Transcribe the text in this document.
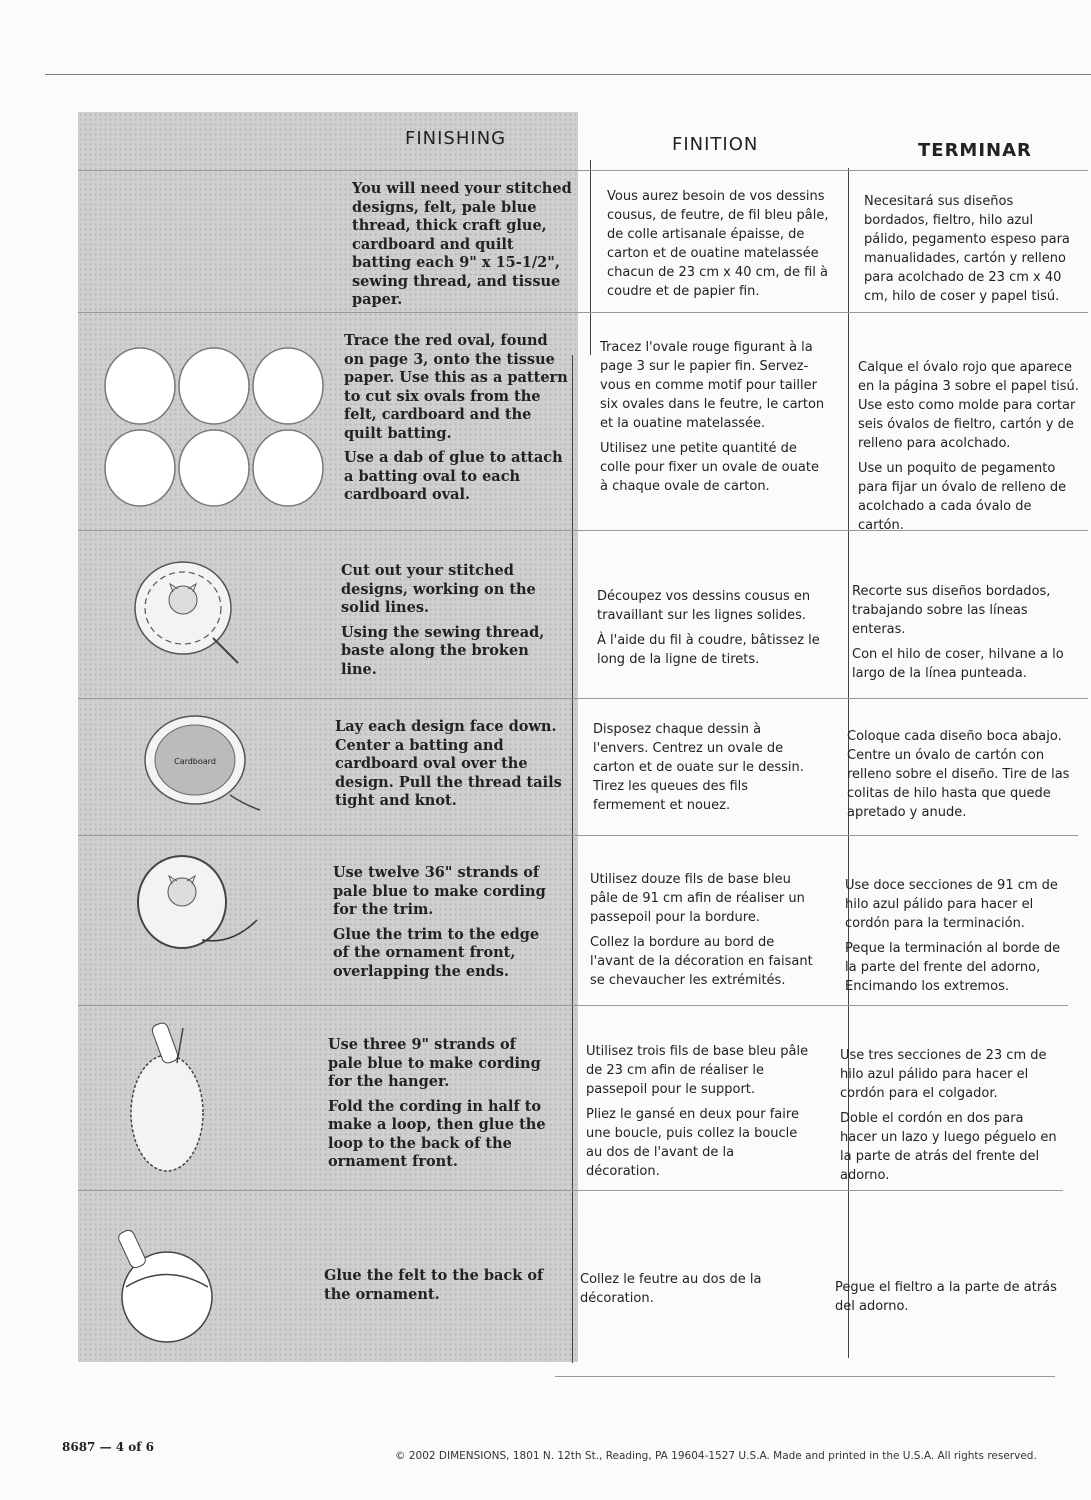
FINISHING	FINITION	TERMINAR

You will need your stitched designs, felt, pale blue thread, thick craft glue, cardboard and quilt batting each 9" x 15-1/2", sewing thread, and tissue paper.

Vous aurez besoin de vos dessins cousus, de feutre, de fil bleu pâle, de colle artisanale épaisse, de carton et de ouatine matelassée chacun de 23 cm x 40 cm, de fil à coudre et de papier fin.

Necesitará sus diseños bordados, fieltro, hilo azul pálido, pegamento espeso para manualidades, cartón y relleno para acolchado de 23 cm x 40 cm, hilo de coser y papel tisú.

Trace the red oval, found on page 3, onto the tissue paper. Use this as a pattern to cut six ovals from the felt, cardboard and the quilt batting.

Use a dab of glue to attach a batting oval to each cardboard oval.

Tracez l'ovale rouge figurant à la page 3 sur le papier fin. Servez-vous en comme motif pour tailler six ovales dans le feutre, le carton et la ouatine matelassée.

Utilisez une petite quantité de colle pour fixer un ovale de ouate à chaque ovale de carton.

Calque el óvalo rojo que aparece en la página 3 sobre el papel tisú. Use esto como molde para cortar seis óvalos de fieltro, cartón y de relleno para acolchado.

Use un poquito de pegamento para fijar un óvalo de relleno de acolchado a cada óvalo de cartón.

Cut out your stitched designs, working on the solid lines.

Using the sewing thread, baste along the broken line.

Découpez vos dessins cousus en travaillant sur les lignes solides.

À l'aide du fil à coudre, bâtissez le long de la ligne de tirets.

Recorte sus diseños bordados, trabajando sobre las líneas enteras.

Con el hilo de coser, hilvane a lo largo de la línea punteada.

Cardboard

Lay each design face down. Center a batting and cardboard oval over the design. Pull the thread tails tight and knot.

Disposez chaque dessin à l'envers. Centrez un ovale de carton et de ouate sur le dessin. Tirez les queues des fils fermement et nouez.

Coloque cada diseño boca abajo. Centre un óvalo de cartón con relleno sobre el diseño. Tire de las colitas de hilo hasta que quede apretado y anude.

Use twelve 36" strands of pale blue to make cording for the trim.

Glue the trim to the edge of the ornament front, overlapping the ends.

Utilisez douze fils de base bleu pâle de 91 cm afin de réaliser un passepoil pour la bordure.

Collez la bordure au bord de l'avant de la décoration en faisant se chevaucher les extrémités.

Use doce secciones de 91 cm de hilo azul pálido para hacer el cordón para la terminación.

Peque la terminación al borde de la parte del frente del adorno, Encimando los extremos.

Use three 9" strands of pale blue to make cording for the hanger.

Fold the cording in half to make a loop, then glue the loop to the back of the ornament front.

Utilisez trois fils de base bleu pâle de 23 cm afin de réaliser le passepoil pour le support.

Pliez le gansé en deux pour faire une boucle, puis collez la boucle au dos de l'avant de la décoration.

Use tres secciones de 23 cm de hilo azul pálido para hacer el cordón para el colgador.

Doble el cordón en dos para hacer un lazo y luego péguelo en la parte de atrás del frente del adorno.

Glue the felt to the back of the ornament.

Collez le feutre au dos de la décoration.

Pegue el fieltro a la parte de atrás del adorno.

8687 — 4 of 6
© 2002 DIMENSIONS, 1801 N. 12th St., Reading, PA 19604-1527 U.S.A. Made and printed in the U.S.A. All rights reserved.
